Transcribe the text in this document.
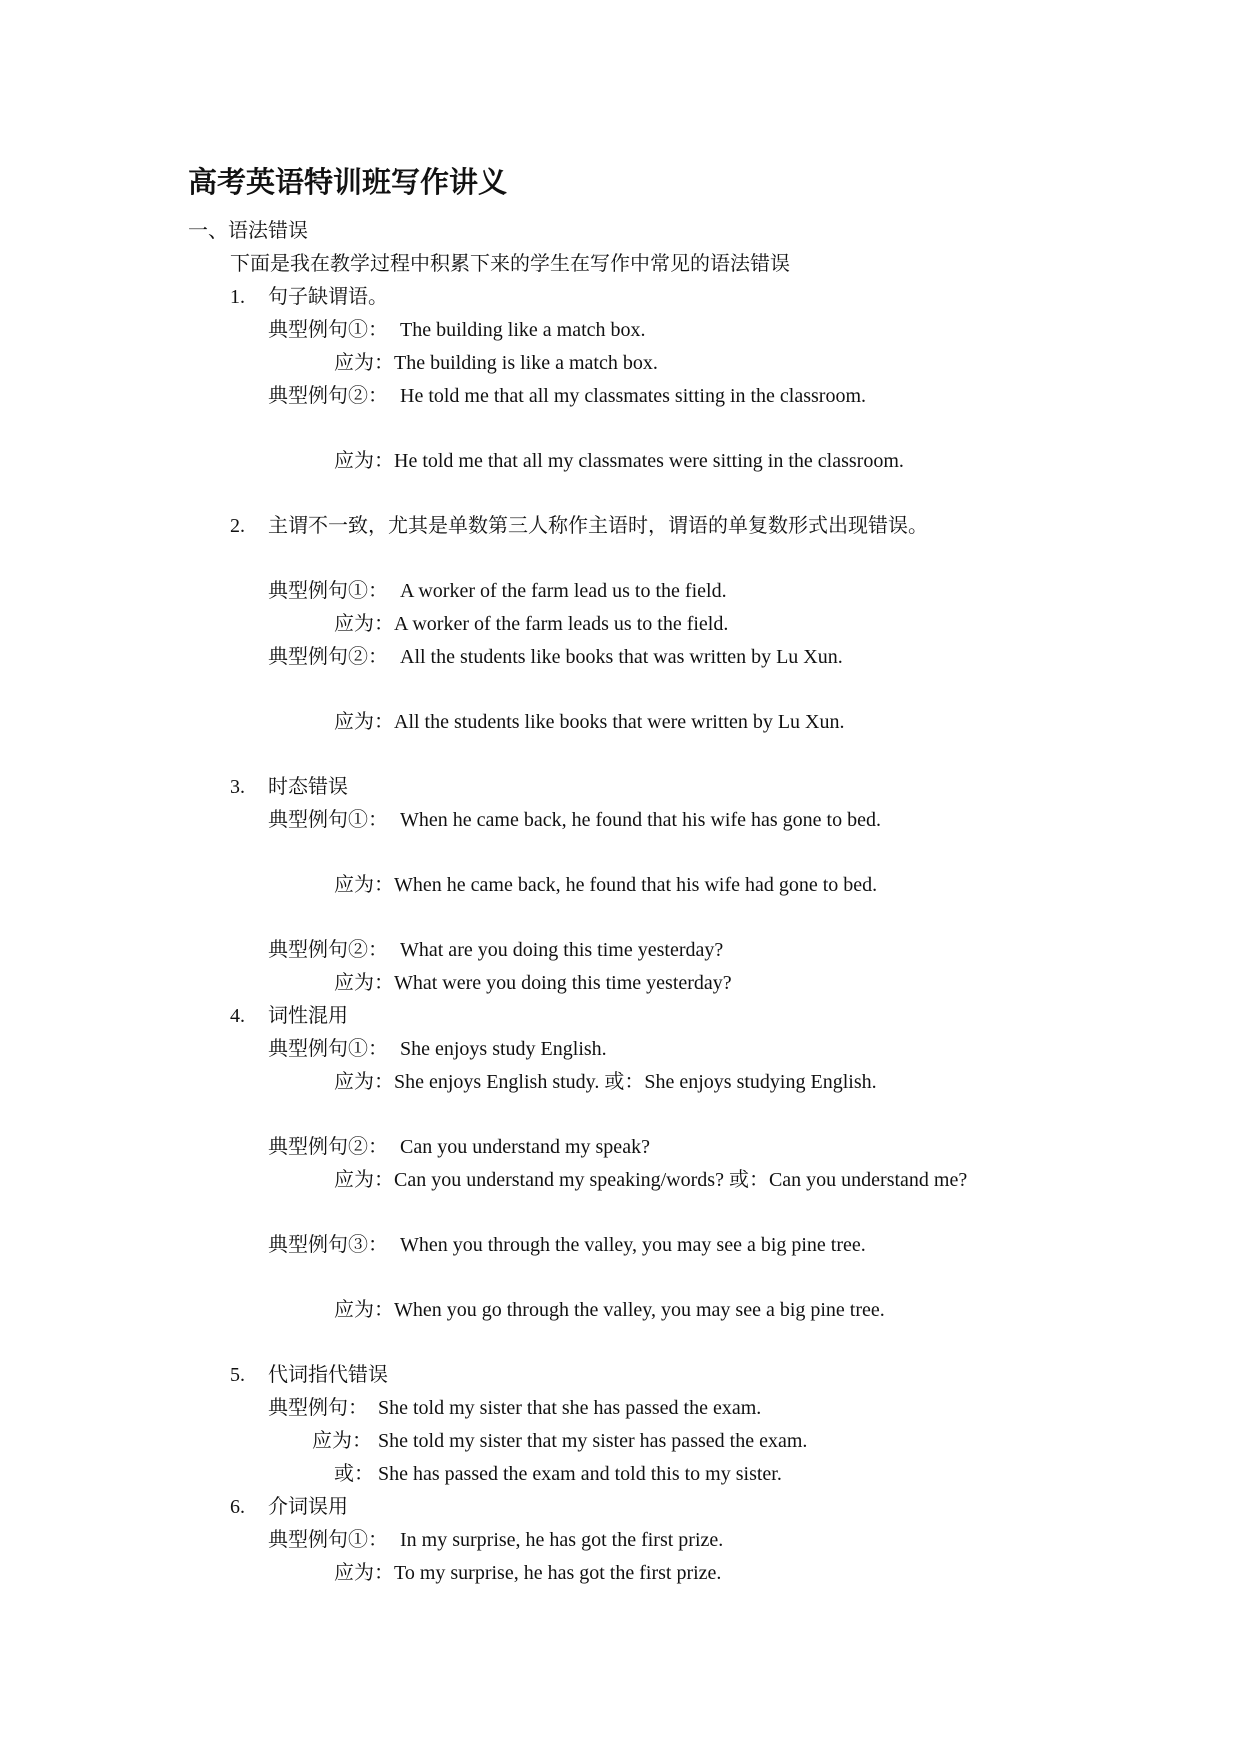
高考英语特训班写作讲义
一、语法错误
下面是我在教学过程中积累下来的学生在写作中常见的语法错误
1. 句子缺谓语。
典型例句①： The building like a match box.
应为：The building is like a match box.
典型例句②： He told me that all my classmates sitting in the classroom.
应为：He told me that all my classmates were sitting in the classroom.
2. 主谓不一致，尤其是单数第三人称作主语时，谓语的单复数形式出现错误。
典型例句①： A worker of the farm lead us to the field.
应为：A worker of the farm leads us to the field.
典型例句②： All the students like books that was written by Lu Xun.
应为：All the students like books that were written by Lu Xun.
3. 时态错误
典型例句①： When he came back, he found that his wife has gone to bed.
应为：When he came back, he found that his wife had gone to bed.
典型例句②： What are you doing this time yesterday?
应为：What were you doing this time yesterday?
4. 词性混用
典型例句①： She enjoys study English.
应为：She enjoys English study. 或：She enjoys studying English.
典型例句②： Can you understand my speak?
应为：Can you understand my speaking/words? 或：Can you understand me?
典型例句③： When you through the valley, you may see a big pine tree.
应为：When you go through the valley, you may see a big pine tree.
5. 代词指代错误
典型例句： She told my sister that she has passed the exam.
应为： She told my sister that my sister has passed the exam.
或： She has passed the exam and told this to my sister.
6. 介词误用
典型例句①： In my surprise, he has got the first prize.
应为：To my surprise, he has got the first prize.
